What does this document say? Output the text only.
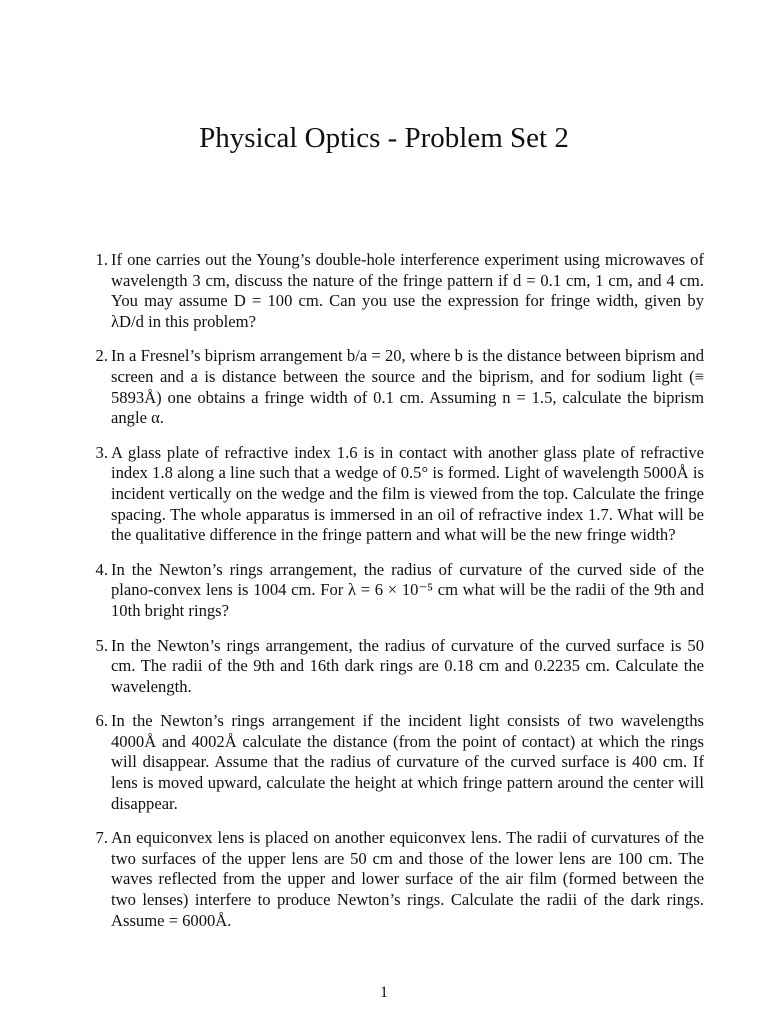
Physical Optics - Problem Set 2
1. If one carries out the Young’s double-hole interference experiment using microwaves of wavelength 3 cm, discuss the nature of the fringe pattern if d = 0.1 cm, 1 cm, and 4 cm. You may assume D = 100 cm. Can you use the expression for fringe width, given by λD/d in this problem?
2. In a Fresnel’s biprism arrangement b/a = 20, where b is the distance between biprism and screen and a is distance between the source and the biprism, and for sodium light (≡ 5893Å) one obtains a fringe width of 0.1 cm. Assuming n = 1.5, calculate the biprism angle α.
3. A glass plate of refractive index 1.6 is in contact with another glass plate of refractive index 1.8 along a line such that a wedge of 0.5° is formed. Light of wavelength 5000Å is incident vertically on the wedge and the film is viewed from the top. Calculate the fringe spacing. The whole apparatus is immersed in an oil of refractive index 1.7. What will be the qualitative difference in the fringe pattern and what will be the new fringe width?
4. In the Newton’s rings arrangement, the radius of curvature of the curved side of the plano-convex lens is 1004 cm. For λ = 6 × 10⁻⁵ cm what will be the radii of the 9th and 10th bright rings?
5. In the Newton’s rings arrangement, the radius of curvature of the curved surface is 50 cm. The radii of the 9th and 16th dark rings are 0.18 cm and 0.2235 cm. Calculate the wavelength.
6. In the Newton’s rings arrangement if the incident light consists of two wavelengths 4000Å and 4002Å calculate the distance (from the point of contact) at which the rings will disappear. Assume that the radius of curvature of the curved surface is 400 cm. If lens is moved upward, calculate the height at which fringe pattern around the center will disappear.
7. An equiconvex lens is placed on another equiconvex lens. The radii of curvatures of the two surfaces of the upper lens are 50 cm and those of the lower lens are 100 cm. The waves reflected from the upper and lower surface of the air film (formed between the two lenses) interfere to produce Newton’s rings. Calculate the radii of the dark rings. Assume = 6000Å.
1
